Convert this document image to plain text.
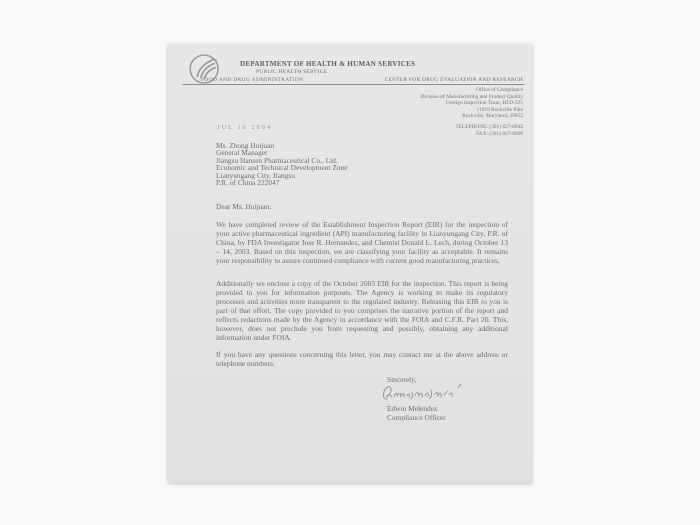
DEPARTMENT OF HEALTH & HUMAN SERVICES
PUBLIC HEALTH SERVICE
FOOD AND DRUG ADMINISTRATION	CENTER FOR DRUG EVALUATION AND RESEARCH
Office of Compliance
Division of Manufacturing and Product Quality
Foreign Inspection Team, HFD-325
11919 Rockville Pike
Rockville, Maryland, 20852
TELEPHONE: (301) 827-8942
FAX: (301) 827-8908
JUL 16 2004
Ms. Zhong Huijuan
General Manager
Jiangsu Hansen Pharmaceutical Co., Ltd.
Economic and Technical Development Zone
Lianyungang City, Jiangsu
P.R. of China 222047
Dear Ms. Huijuan:

We have completed review of the Establishment Inspection Report (EIR) for the inspection of your active pharmaceutical ingredient (API) manufacturing facility in Lianyungang City, P.R. of China, by FDA Investigator Jose R. Hernandez, and Chemist Donald L. Lech, during October 13 – 14, 2003. Based on this inspection, we are classifying your facility as acceptable. It remains your responsibility to assure continued compliance with current good manufacturing practices.

Additionally we enclose a copy of the October 2003 EIR for the inspection. This report is being provided to you for information purposes. The Agency is working to make its regulatory processes and activities more transparent to the regulated industry. Releasing this EIR to you is part of that effort. The copy provided to you comprises the narrative portion of the report and reflects redactions made by the Agency in accordance with the FOIA and C.F.R. Part 20. This, however, does not preclude you from requesting and possibly, obtaining any additional information under FOIA.

If you have any questions concerning this letter, you may contact me at the above address or telephone numbers.

Sincerely,
Edwin Melendez
Compliance Officer
